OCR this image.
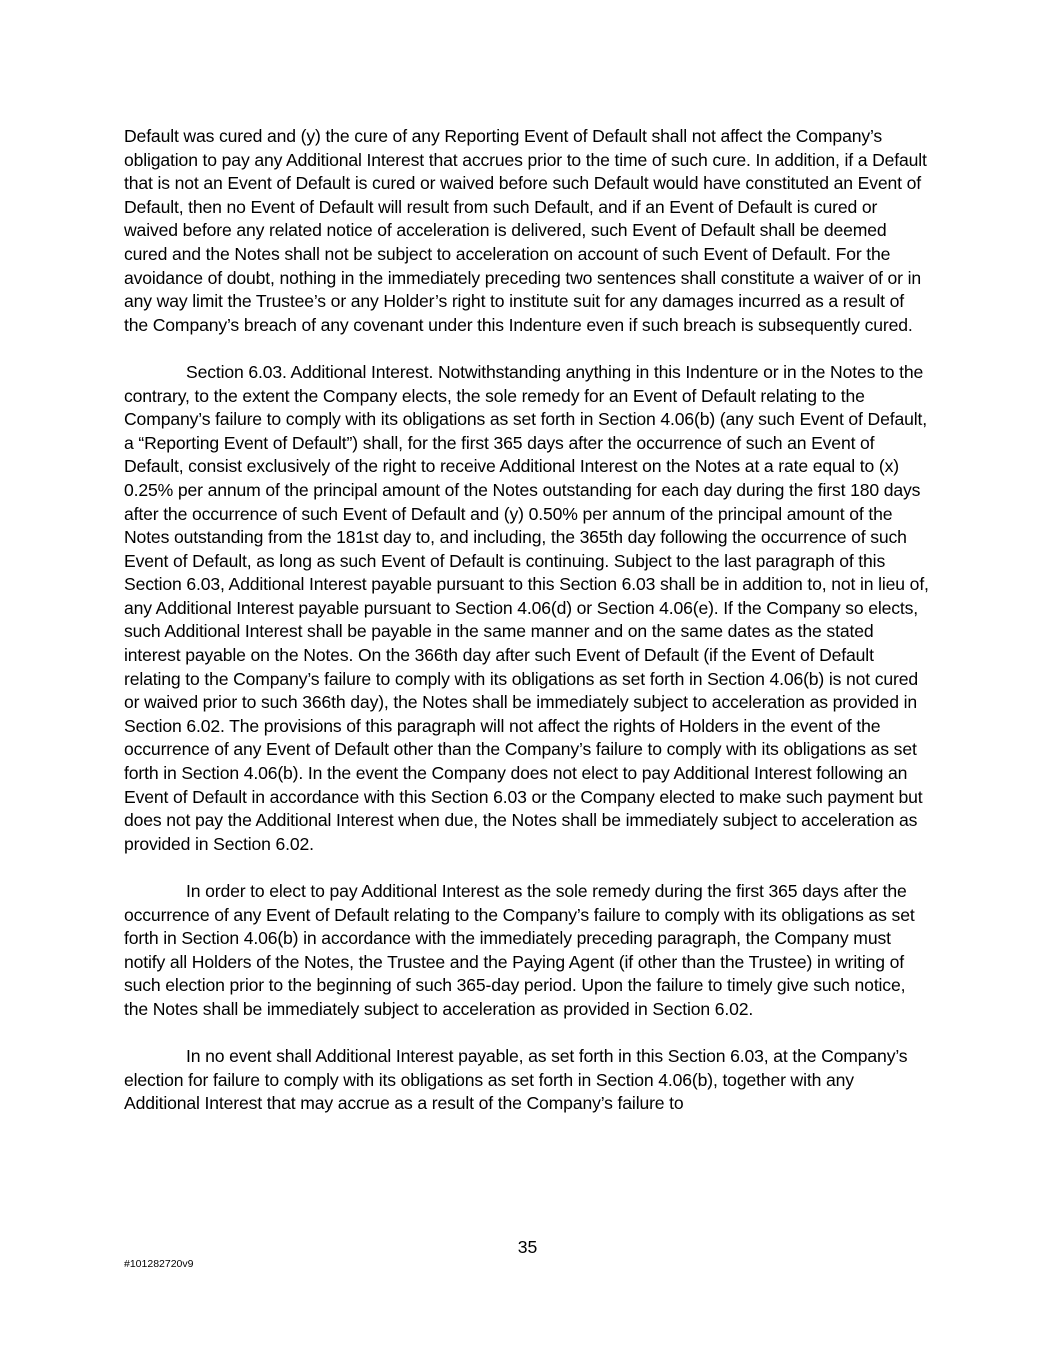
Default was cured and (y) the cure of any Reporting Event of Default shall not affect the Company’s obligation to pay any Additional Interest that accrues prior to the time of such cure. In addition, if a Default that is not an Event of Default is cured or waived before such Default would have constituted an Event of Default, then no Event of Default will result from such Default, and if an Event of Default is cured or waived before any related notice of acceleration is delivered, such Event of Default shall be deemed cured and the Notes shall not be subject to acceleration on account of such Event of Default. For the avoidance of doubt, nothing in the immediately preceding two sentences shall constitute a waiver of or in any way limit the Trustee’s or any Holder’s right to institute suit for any damages incurred as a result of the Company’s breach of any covenant under this Indenture even if such breach is subsequently cured.

Section 6.03. Additional Interest. Notwithstanding anything in this Indenture or in the Notes to the contrary, to the extent the Company elects, the sole remedy for an Event of Default relating to the Company’s failure to comply with its obligations as set forth in Section 4.06(b) (any such Event of Default, a “Reporting Event of Default”) shall, for the first 365 days after the occurrence of such an Event of Default, consist exclusively of the right to receive Additional Interest on the Notes at a rate equal to (x) 0.25% per annum of the principal amount of the Notes outstanding for each day during the first 180 days after the occurrence of such Event of Default and (y) 0.50% per annum of the principal amount of the Notes outstanding from the 181st day to, and including, the 365th day following the occurrence of such Event of Default, as long as such Event of Default is continuing. Subject to the last paragraph of this Section 6.03, Additional Interest payable pursuant to this Section 6.03 shall be in addition to, not in lieu of, any Additional Interest payable pursuant to Section 4.06(d) or Section 4.06(e). If the Company so elects, such Additional Interest shall be payable in the same manner and on the same dates as the stated interest payable on the Notes. On the 366th day after such Event of Default (if the Event of Default relating to the Company’s failure to comply with its obligations as set forth in Section 4.06(b) is not cured or waived prior to such 366th day), the Notes shall be immediately subject to acceleration as provided in Section 6.02. The provisions of this paragraph will not affect the rights of Holders in the event of the occurrence of any Event of Default other than the Company’s failure to comply with its obligations as set forth in Section 4.06(b). In the event the Company does not elect to pay Additional Interest following an Event of Default in accordance with this Section 6.03 or the Company elected to make such payment but does not pay the Additional Interest when due, the Notes shall be immediately subject to acceleration as provided in Section 6.02.

In order to elect to pay Additional Interest as the sole remedy during the first 365 days after the occurrence of any Event of Default relating to the Company’s failure to comply with its obligations as set forth in Section 4.06(b) in accordance with the immediately preceding paragraph, the Company must notify all Holders of the Notes, the Trustee and the Paying Agent (if other than the Trustee) in writing of such election prior to the beginning of such 365-day period. Upon the failure to timely give such notice, the Notes shall be immediately subject to acceleration as provided in Section 6.02.

In no event shall Additional Interest payable, as set forth in this Section 6.03, at the Company’s election for failure to comply with its obligations as set forth in Section 4.06(b), together with any Additional Interest that may accrue as a result of the Company’s failure to

35
#101282720v9
